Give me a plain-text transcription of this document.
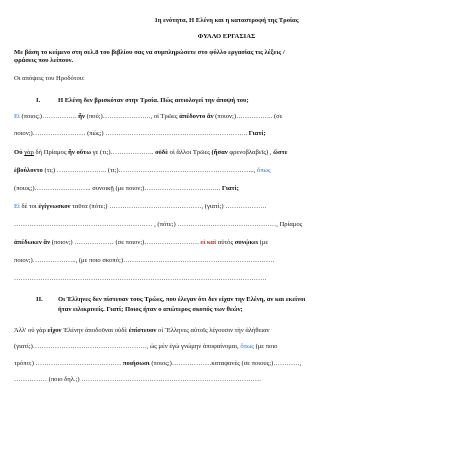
1η ενότητα, Η Ελένη και η καταστροφή της Τροίας
ΦΥΛΛΟ ΕΡΓΑΣΙΑΣ
Με βάση το κείμενο στη σελ.8 του βιβλίου σας να συμπληρώσετε στο φύλλο εργασίας τις λέξεις /
φράσεις που λείπουν.
Οι απόψεις του Ηροδότου:
I.	Η Ελένη δεν βρισκόταν στην Τροία. Πώς αιτιολογεί την άποψή του;
Εἰ (ποιος;)……………. ἦν (πού;)…………………., οἱ Τρῶες ἀπέδοντο ἂν (ποιον;)…………….. (σε
ποιον;)…………………… (πώς;) ……………………………………………………….. Γιατί;
Οὐ γὰρ δὴ Πρίαμος ἦν οὕτω γε (τι;)……………….. οὐδὲ οἱ ἄλλοι Τρῶες (ἦσαν φρενοβλαβεῖς) , ὥστε
ἐβούλοντο (τι;) ………………….. (τι;)…………………………………………………….., ὅπως
(ποιος;)…………………….. συνοικῇ (με ποιον;)…………………………….. Γιατί;
Εἰ δὲ τοι ἐγίγνωσκον ταῦτα (πότε;) ……………………………………, (γιατί;) ……………….
……………………………………………………… , (πότε;) ………………………………………, Πρίαμος
ἀπέδωκεν ἂν (ποιον;) ……………… (σε ποιον;)……………………. εἰ καὶ αὐτὸς συνῴκει (με
ποιον;)……………….., (με ποιο σκοπό;)……………………………………………………………
…………………………………………………………………………………………………….
II. Οι Έλληνες δεν πίστευαν τους Τρώες, που έλεγαν ότι δεν είχαν την Ελένη, αν και εκείνοι
ήταν ειλικρινείς. Γιατί; Ποιος ήταν ο απώτερος σκοπός των θεών;
Ἀλλ' οὐ γὰρ εἶχον Ἑλένην ἀποδοῦναι οὐδὲ ἐπίστευον οἱ Ἕλληνες αὐτοῖς λέγουσιν τὴν ἀλήθειαν
(γιατί;)……………………………………………., ὡς μὲν ἐγὼ γνώμην ἀποφαίνομαι, ὅπως (με ποιο
τρόπο;) ………………………………… ποιήσωσι (ποιος;)………………καταφανὲς (σε ποιους;)…………,
…………… (ποιο δηλ.;) ……………………………………………………………………….
